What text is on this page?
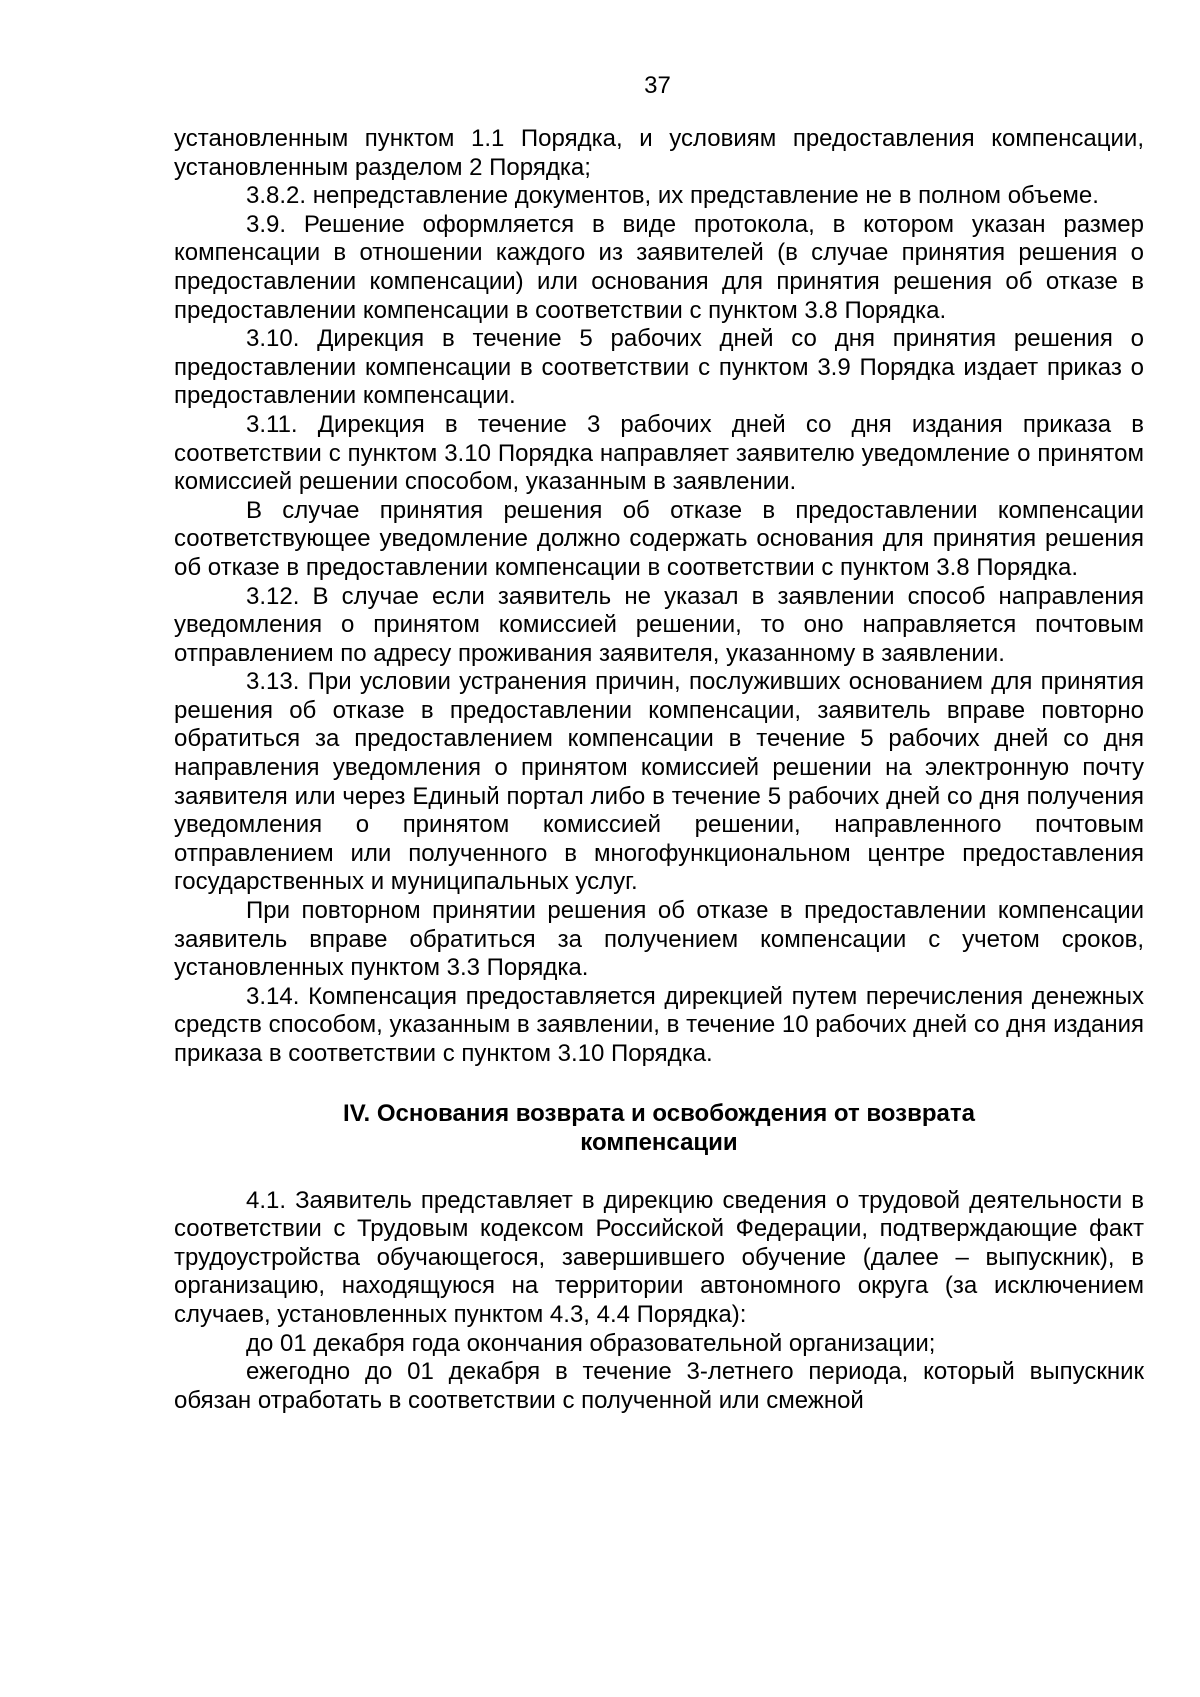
37

установленным пунктом 1.1 Порядка, и условиям предоставления компенсации, установленным разделом 2 Порядка;

3.8.2. непредставление документов, их представление не в полном объеме.

3.9. Решение оформляется в виде протокола, в котором указан размер компенсации в отношении каждого из заявителей (в случае принятия решения о предоставлении компенсации) или основания для принятия решения об отказе в предоставлении компенсации в соответствии с пунктом 3.8 Порядка.

3.10. Дирекция в течение 5 рабочих дней со дня принятия решения о предоставлении компенсации в соответствии с пунктом 3.9 Порядка издает приказ о предоставлении компенсации.

3.11. Дирекция в течение 3 рабочих дней со дня издания приказа в соответствии с пунктом 3.10 Порядка направляет заявителю уведомление о принятом комиссией решении способом, указанным в заявлении.

В случае принятия решения об отказе в предоставлении компенсации соответствующее уведомление должно содержать основания для принятия решения об отказе в предоставлении компенсации в соответствии с пунктом 3.8 Порядка.

3.12. В случае если заявитель не указал в заявлении способ направления уведомления о принятом комиссией решении, то оно направляется почтовым отправлением по адресу проживания заявителя, указанному в заявлении.

3.13. При условии устранения причин, послуживших основанием для принятия решения об отказе в предоставлении компенсации, заявитель вправе повторно обратиться за предоставлением компенсации в течение 5 рабочих дней со дня направления уведомления о принятом комиссией решении на электронную почту заявителя или через Единый портал либо в течение 5 рабочих дней со дня получения уведомления о принятом комиссией решении, направленного почтовым отправлением или полученного в многофункциональном центре предоставления государственных и муниципальных услуг.

При повторном принятии решения об отказе в предоставлении компенсации заявитель вправе обратиться за получением компенсации с учетом сроков, установленных пунктом 3.3 Порядка.

3.14. Компенсация предоставляется дирекцией путем перечисления денежных средств способом, указанным в заявлении, в течение 10 рабочих дней со дня издания приказа в соответствии с пунктом 3.10 Порядка.

IV. Основания возврата и освобождения от возврата
компенсации

4.1. Заявитель представляет в дирекцию сведения о трудовой деятельности в соответствии с Трудовым кодексом Российской Федерации, подтверждающие факт трудоустройства обучающегося, завершившего обучение (далее – выпускник), в организацию, находящуюся на территории автономного округа (за исключением случаев, установленных пунктом 4.3, 4.4 Порядка):

до 01 декабря года окончания образовательной организации;

ежегодно до 01 декабря в течение 3-летнего периода, который выпускник обязан отработать в соответствии с полученной или смежной
